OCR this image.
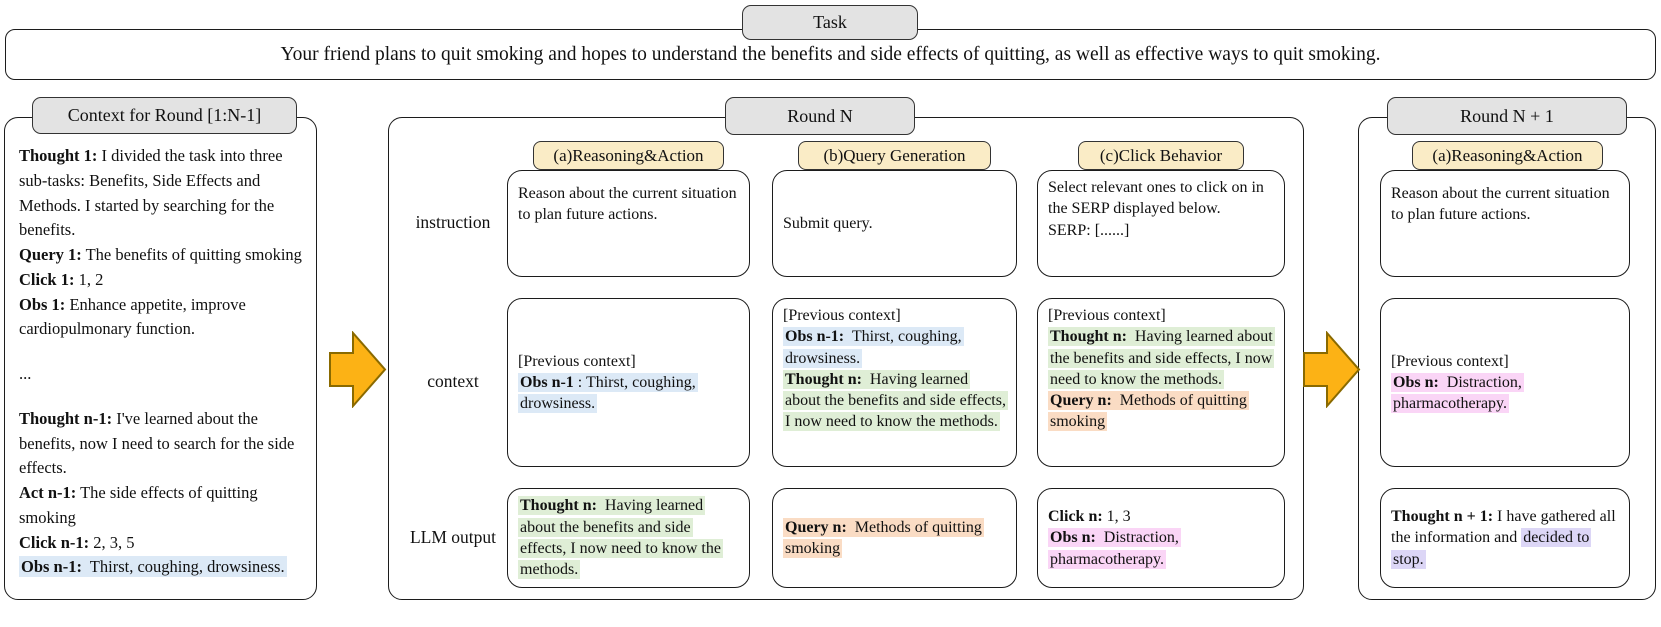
Your friend plans to quit smoking and hopes to understand the benefits and side effects of quitting, as well as effective ways to quit smoking.
Task

Thought 1: I divided the task into three sub-tasks: Benefits, Side Effects and Methods. I started by searching for the benefits.

Query 1: The benefits of quitting smoking

Click 1: 1, 2

Obs 1: Enhance appetite, improve cardiopulmonary function.

...

Thought n-1: I've learned about the benefits, now I need to search for the side effects.

Act n-1: The side effects of quitting smoking

Click n-1: 2, 3, 5

Obs n-1: Thirst, coughing, drowsiness.

Context for Round [1:N-1]	Round N
instruction
context
LLM output
(a)Reasoning&Action

Reason about the current situation to plan future actions.

[Previous context]

Obs n-1 : Thirst, coughing, drowsiness.

Thought n: Having learned about the benefits and side effects, I now need to know the methods.

(b)Query Generation

Submit query.

[Previous context]

Obs n-1: Thirst, coughing, drowsiness.

Thought n: Having learned about the benefits and side effects, I now need to know the methods.

Query n: Methods of quitting smoking

(c)Click Behavior

Select relevant ones to click on in the SERP displayed below.

SERP: [......]

[Previous context]

Thought n: Having learned about the benefits and side effects, I now need to know the methods.

Query n: Methods of quitting smoking

Click n: 1, 3

Obs n: Distraction, pharmacotherapy.

Round N + 1
(a)Reasoning&Action

Reason about the current situation to plan future actions.

[Previous context]

Obs n: Distraction, pharmacotherapy.

Thought n + 1: I have gathered all the information and decided to stop.
